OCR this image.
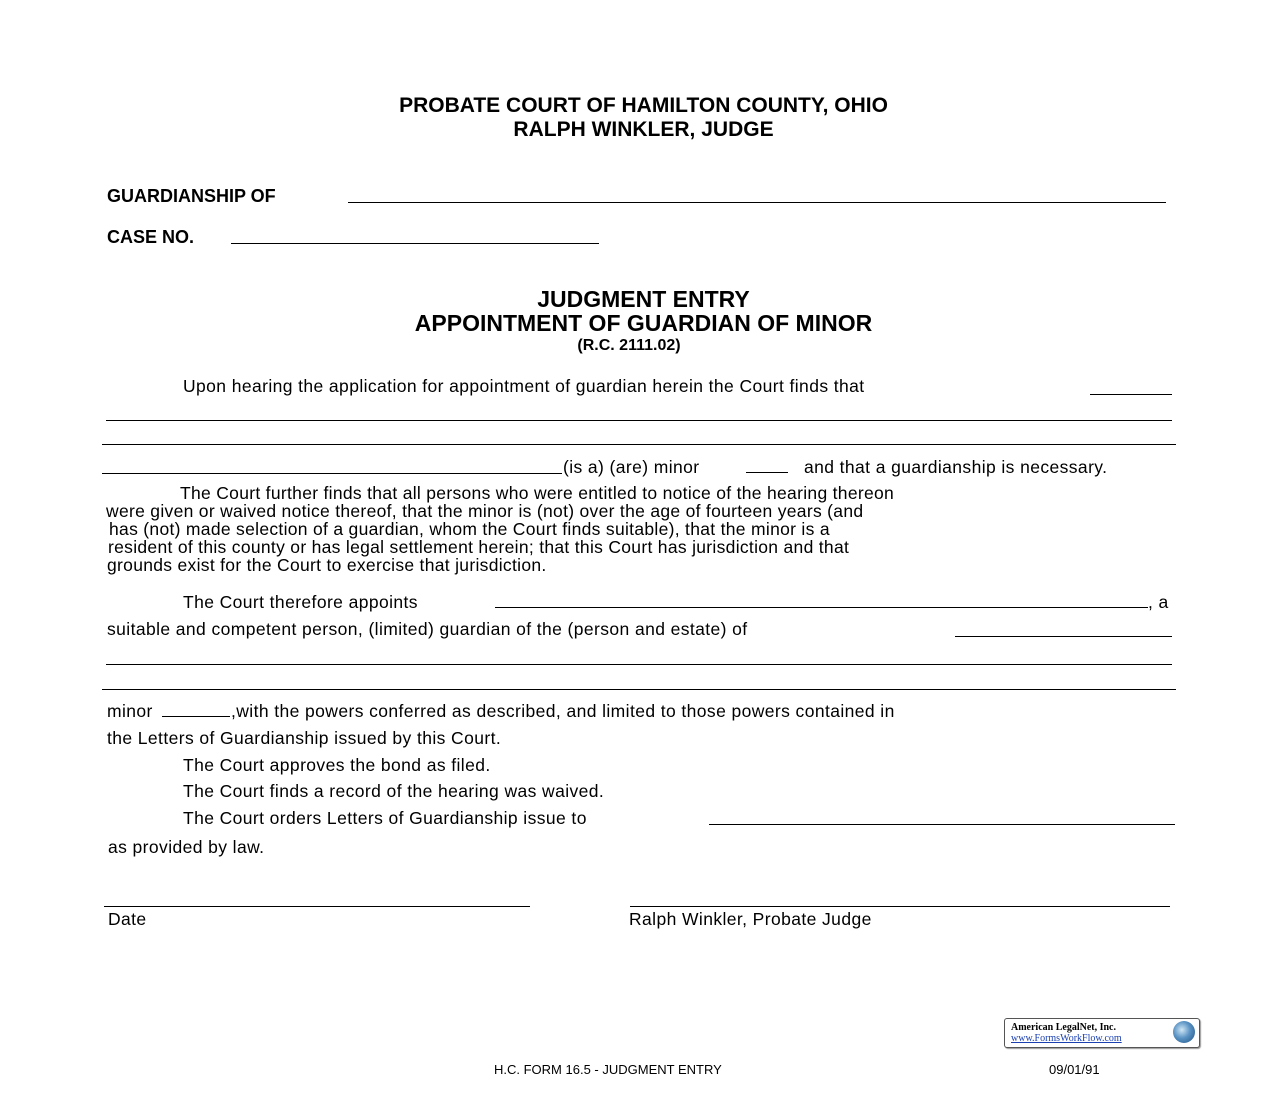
PROBATE COURT OF HAMILTON COUNTY, OHIO
RALPH WINKLER, JUDGE
GUARDIANSHIP OF
CASE NO.
JUDGMENT ENTRY
APPOINTMENT OF GUARDIAN OF MINOR
(R.C. 2111.02)
Upon hearing the application for appointment of guardian herein the Court finds that
(is a) (are) minor	and that a guardianship is necessary.
The Court further finds that all persons who were entitled to notice of the hearing thereon
were given or waived notice thereof, that the minor is (not) over the age of fourteen years (and
has (not) made selection of a guardian, whom the Court finds suitable), that the minor is a
resident of this county or has legal settlement herein; that this Court has jurisdiction and that
grounds exist for the Court to exercise that jurisdiction.
The Court therefore appoints	, a
suitable and competent person, (limited) guardian of the (person and estate) of
minor	,with the powers conferred as described, and limited to those powers contained in
the Letters of Guardianship issued by this Court.
The Court approves the bond as filed.
The Court finds a record of the hearing was waived.
The Court orders Letters of Guardianship issue to
as provided by law.
Date	Ralph Winkler, Probate Judge
American LegalNet, Inc.
www.FormsWorkFlow.com
H.C. FORM 16.5 - JUDGMENT ENTRY	09/01/91
